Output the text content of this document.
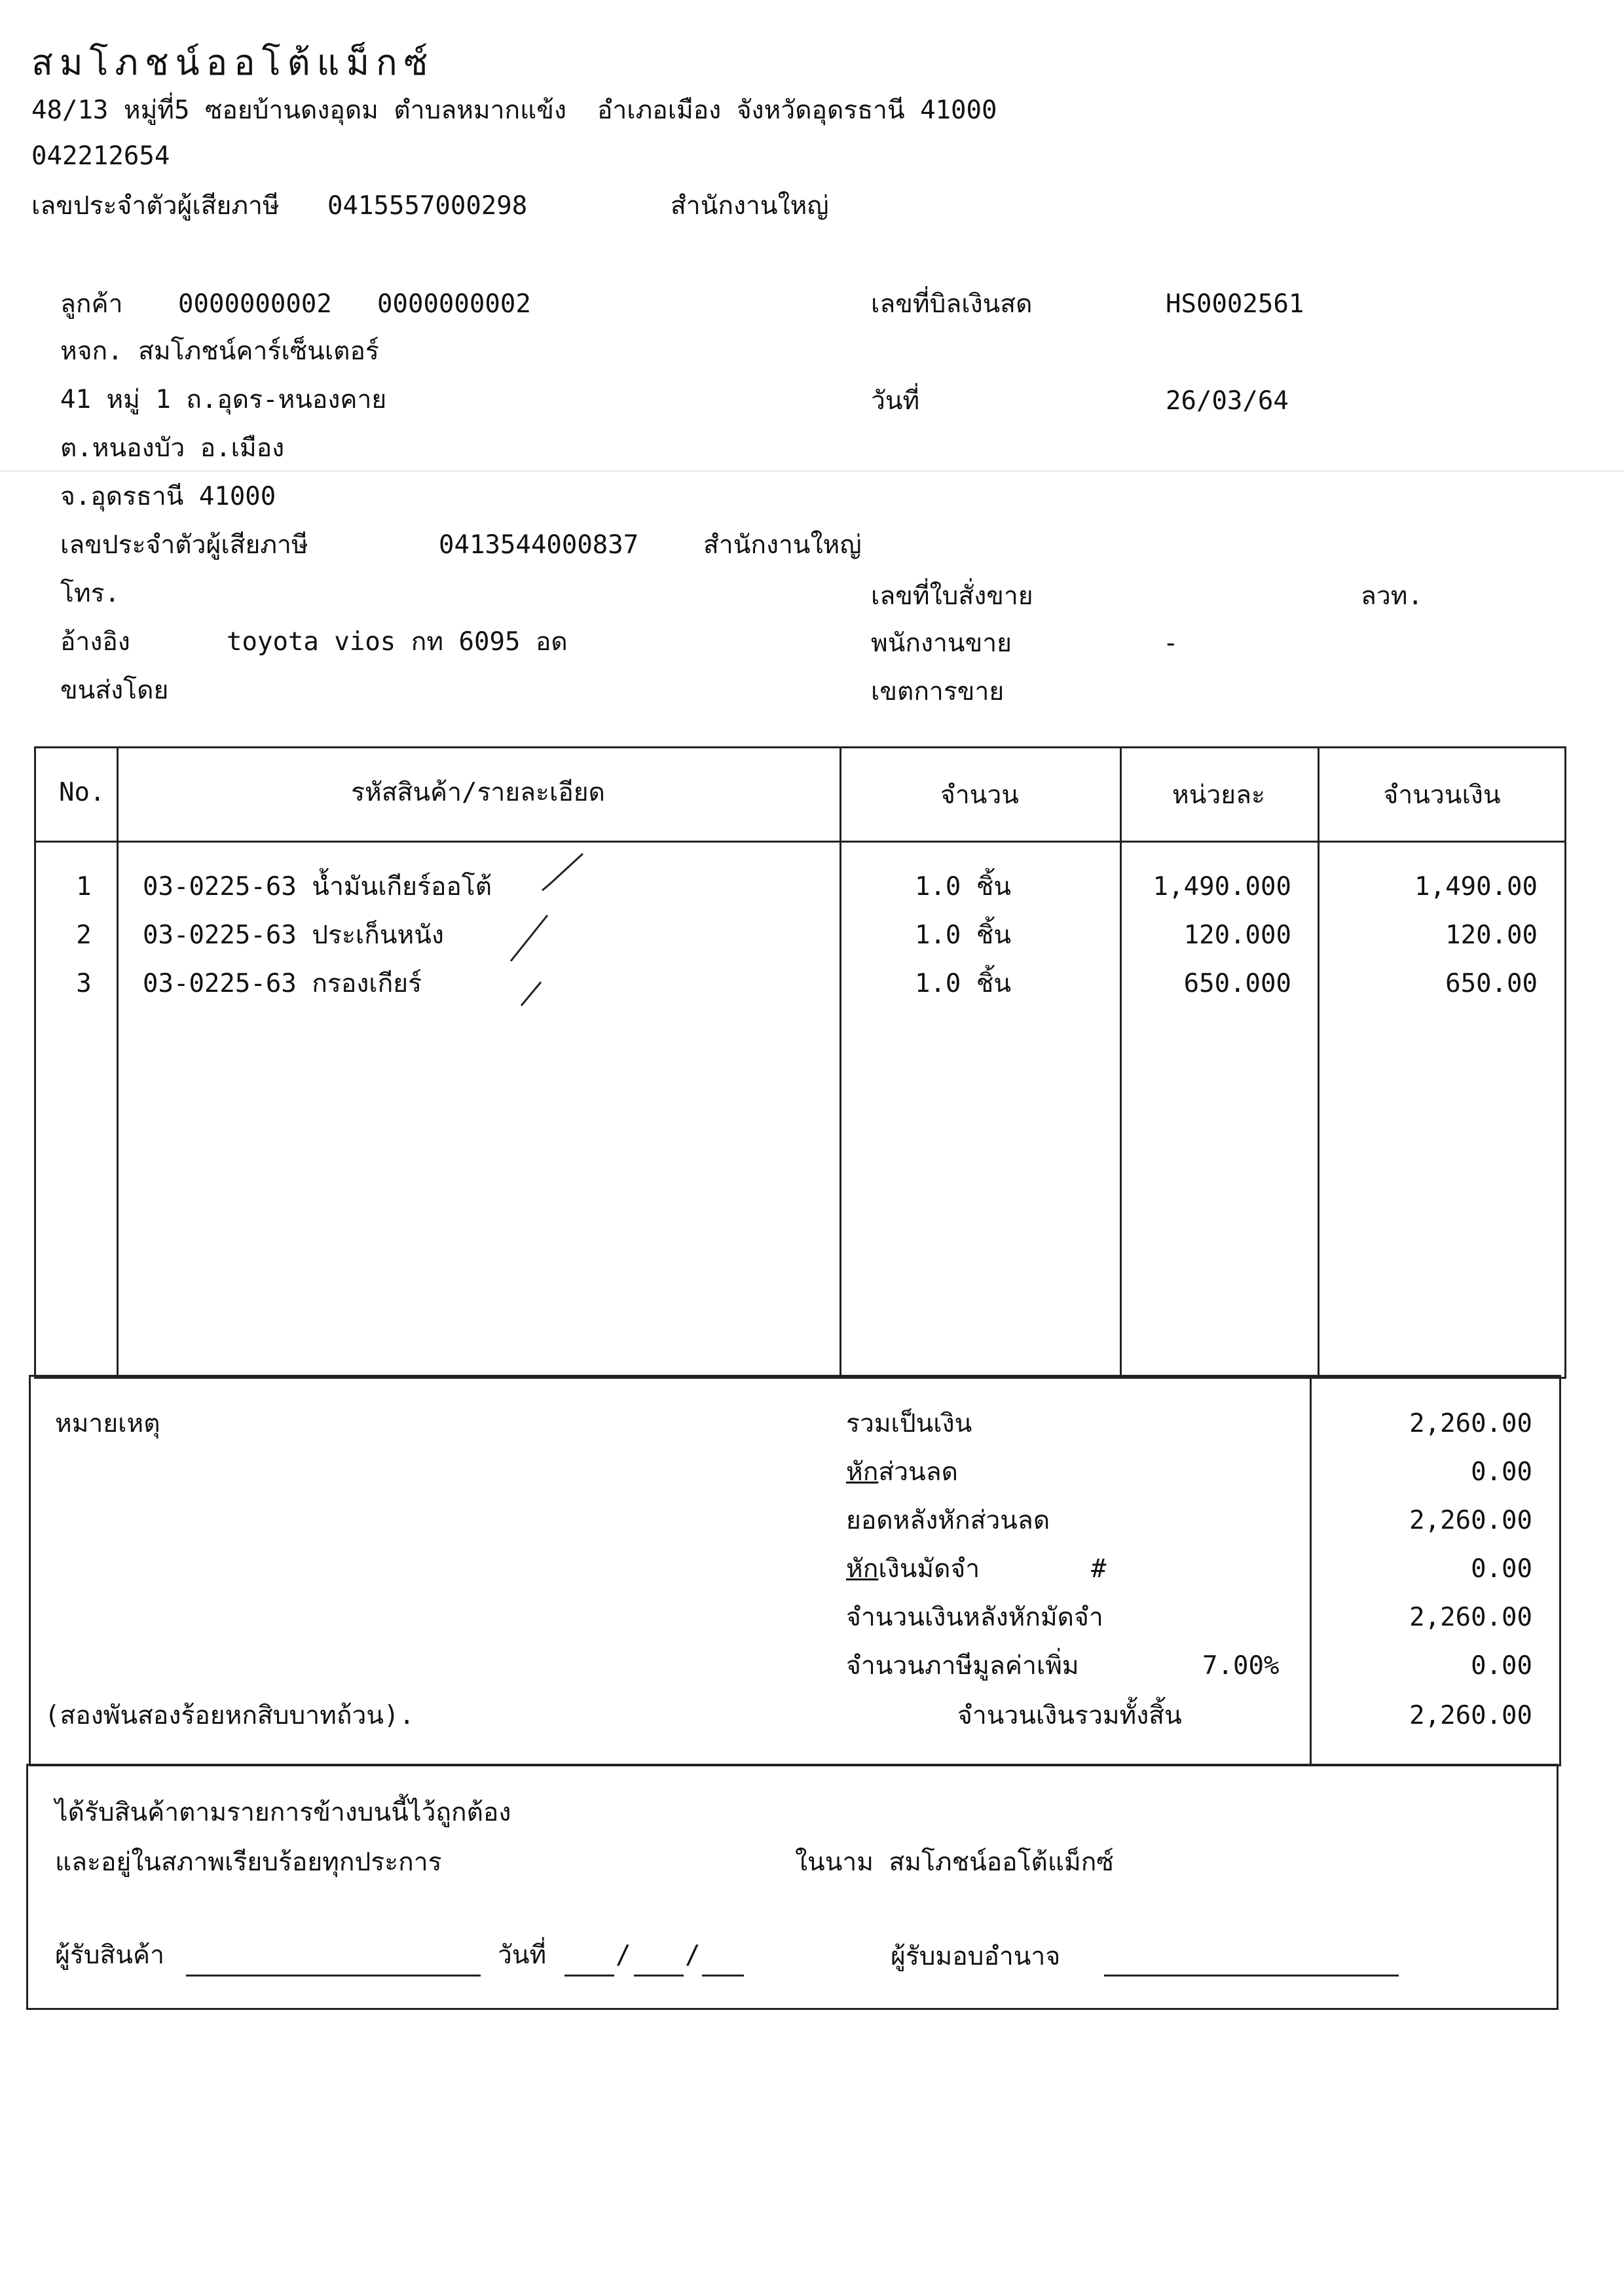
สมโภชน์ออโต้แม็กซ์
48/13 หมู่ที่5 ซอยบ้านดงอุดม ตำบลหมากแข้ง  อำเภอเมือง จังหวัดอุดรธานี 41000
042212654
เลขประจำตัวผู้เสียภาษี 0415557000298	สำนักงานใหญ่
ลูกค้า 0000000002 0000000002
หจก. สมโภชน์คาร์เซ็นเตอร์
41 หมู่ 1 ถ.อุดร-หนองคาย
ต.หนองบัว อ.เมือง
จ.อุดรธานี 41000
เลขประจำตัวผู้เสียภาษี	0413544000837	สำนักงานใหญ่
โทร.
อ้างอิง	toyota vios กท 6095 อด
ขนส่งโดย
เลขที่บิลเงินสด	HS0002561
วันที่	26/03/64
เลขที่ใบสั่งขาย	ลวท.
พนักงานขาย	-
เขตการขาย
No.	รหัสสินค้า/รายละเอียด	จำนวน	หน่วยละ	จำนวนเงิน
1	03-0225-63 น้ำมันเกียร์ออโต้	1.0 ชิ้น	1,490.000	1,490.00
2	03-0225-63 ประเก็นหนัง	1.0 ชิ้น	120.000	120.00
3	03-0225-63 กรองเกียร์	1.0 ชิ้น	650.000	650.00
หมายเหตุ
(สองพันสองร้อยหกสิบบาทถ้วน).
รวมเป็นเงิน	2,260.00
หักส่วนลด	0.00
ยอดหลังหักส่วนลด	2,260.00
หักเงินมัดจำ	#	0.00
จำนวนเงินหลังหักมัดจำ	2,260.00
จำนวนภาษีมูลค่าเพิ่ม	7.00%	0.00
จำนวนเงินรวมทั้งสิ้น	2,260.00
ได้รับสินค้าตามรายการข้างบนนี้ไว้ถูกต้อง
และอยู่ในสภาพเรียบร้อยทุกประการ	ในนาม สมโภชน์ออโต้แม็กซ์
ผู้รับสินค้า	วันที่	/ /	ผู้รับมอบอำนาจ
